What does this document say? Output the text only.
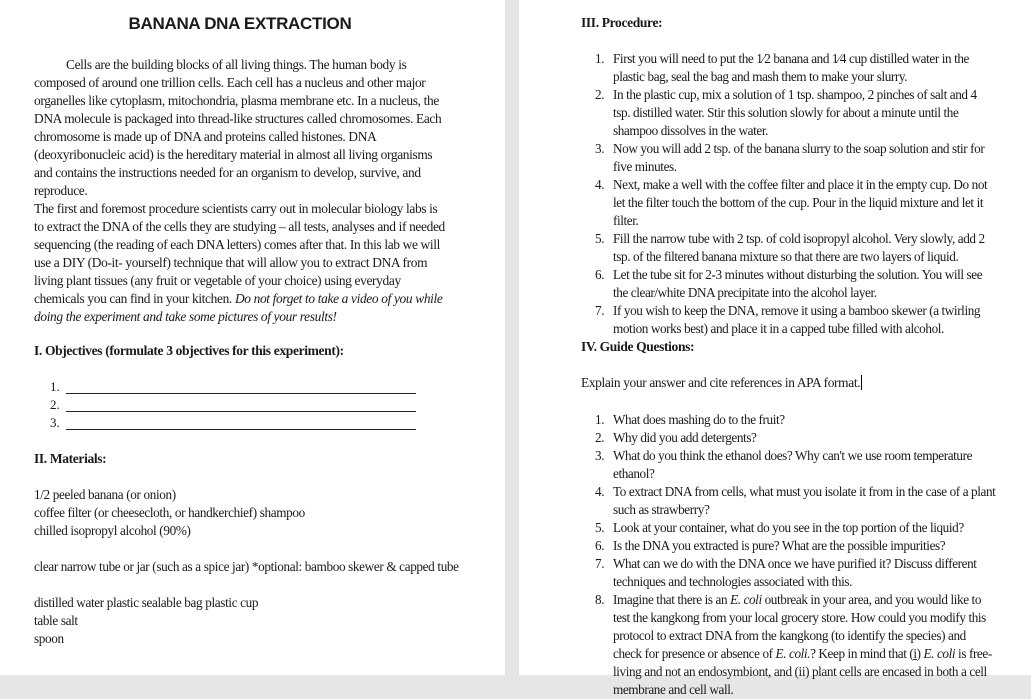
BANANA DNA EXTRACTION

Cells are the building blocks of all living things. The human body is composed of around one trillion cells. Each cell has a nucleus and other major organelles like cytoplasm, mitochondria, plasma membrane etc. In a nucleus, the DNA molecule is packaged into thread-like structures called chromosomes. Each chromosome is made up of DNA and proteins called histones. DNA (deoxyribonucleic acid) is the hereditary material in almost all living organisms and contains the instructions needed for an organism to develop, survive, and reproduce.

The first and foremost procedure scientists carry out in molecular biology labs is to extract the DNA of the cells they are studying – all tests, analyses and if needed sequencing (the reading of each DNA letters) comes after that. In this lab we will use a DIY (Do-it- yourself) technique that will allow you to extract DNA from living plant tissues (any fruit or vegetable of your choice) using everyday chemicals you can find in your kitchen. Do not forget to take a video of you while doing the experiment and take some pictures of your results!

I. Objectives (formulate 3 objectives for this experiment):
1.
2.
3.
II. Materials:
1/2 peeled banana (or onion)
coffee filter (or cheesecloth, or handkerchief) shampoo
chilled isopropyl alcohol (90%)
clear narrow tube or jar (such as a spice jar) *optional: bamboo skewer & capped tube
distilled water plastic sealable bag plastic cup
table salt
spoon
III. Procedure:
1. First you will need to put the 1⁄2 banana and 1⁄4 cup distilled water in the plastic bag, seal the bag and mash them to make your slurry.
2. In the plastic cup, mix a solution of 1 tsp. shampoo, 2 pinches of salt and 4 tsp. distilled water. Stir this solution slowly for about a minute until the shampoo dissolves in the water.
3. Now you will add 2 tsp. of the banana slurry to the soap solution and stir for five minutes.
4. Next, make a well with the coffee filter and place it in the empty cup. Do not let the filter touch the bottom of the cup. Pour in the liquid mixture and let it filter.
5. Fill the narrow tube with 2 tsp. of cold isopropyl alcohol. Very slowly, add 2 tsp. of the filtered banana mixture so that there are two layers of liquid.
6. Let the tube sit for 2-3 minutes without disturbing the solution. You will see the clear/white DNA precipitate into the alcohol layer.
7. If you wish to keep the DNA, remove it using a bamboo skewer (a twirling motion works best) and place it in a capped tube filled with alcohol.
IV. Guide Questions:
Explain your answer and cite references in APA format.
1. What does mashing do to the fruit?
2. Why did you add detergents?
3. What do you think the ethanol does? Why can't we use room temperature ethanol?
4. To extract DNA from cells, what must you isolate it from in the case of a plant such as strawberry?
5. Look at your container, what do you see in the top portion of the liquid?
6. Is the DNA you extracted is pure? What are the possible impurities?
7. What can we do with the DNA once we have purified it? Discuss different techniques and technologies associated with this.
8. Imagine that there is an E. coli outbreak in your area, and you would like to test the kangkong from your local grocery store. How could you modify this protocol to extract DNA from the kangkong (to identify the species) and check for presence or absence of E. coli.? Keep in mind that (i) E. coli is free-living and not an endosymbiont, and (ii) plant cells are encased in both a cell membrane and cell wall.
